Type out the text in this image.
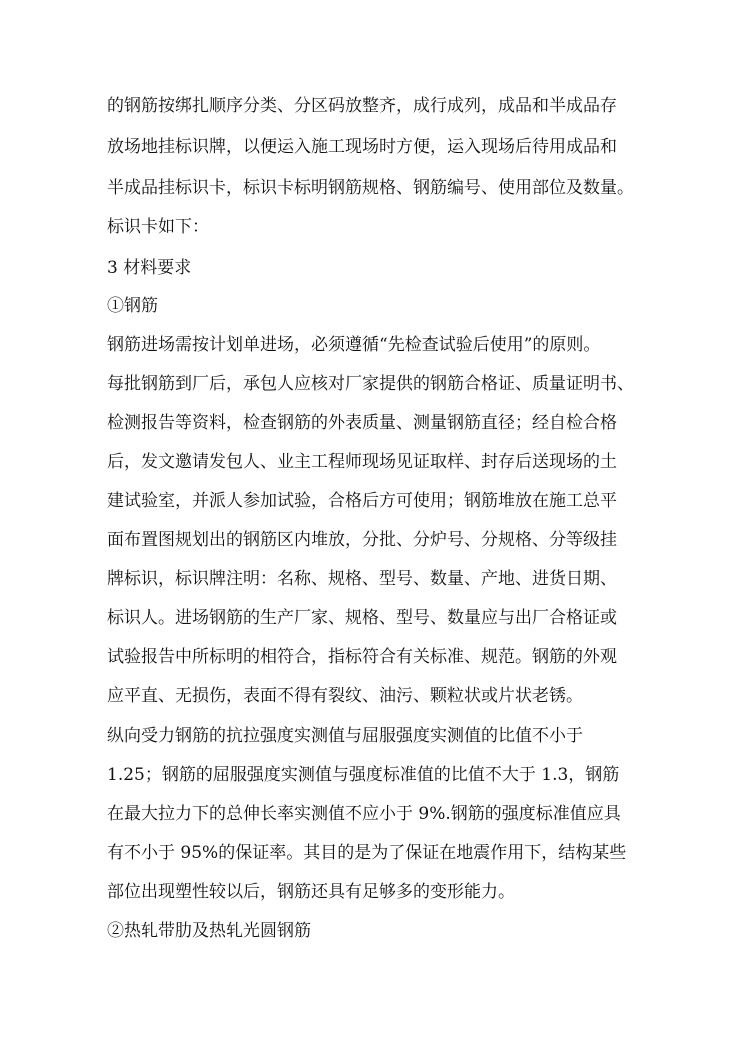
的钢筋按绑扎顺序分类、分区码放整齐，成行成列，成品和半成品存
放场地挂标识牌，以便运入施工现场时方便，运入现场后待用成品和
半成品挂标识卡，标识卡标明钢筋规格、钢筋编号、使用部位及数量。
标识卡如下：
3 材料要求
①钢筋
钢筋进场需按计划单进场，必须遵循“先检查试验后使用”的原则。
每批钢筋到厂后，承包人应核对厂家提供的钢筋合格证、质量证明书、
检测报告等资料，检查钢筋的外表质量、测量钢筋直径；经自检合格
后，发文邀请发包人、业主工程师现场见证取样、封存后送现场的土
建试验室，并派人参加试验，合格后方可使用；钢筋堆放在施工总平
面布置图规划出的钢筋区内堆放，分批、分炉号、分规格、分等级挂
牌标识，标识牌注明：名称、规格、型号、数量、产地、进货日期、
标识人。进场钢筋的生产厂家、规格、型号、数量应与出厂合格证或
试验报告中所标明的相符合，指标符合有关标准、规范。钢筋的外观
应平直、无损伤，表面不得有裂纹、油污、颗粒状或片状老锈。
纵向受力钢筋的抗拉强度实测值与屈服强度实测值的比值不小于
1.25；钢筋的屈服强度实测值与强度标准值的比值不大于 1.3，钢筋
在最大拉力下的总伸长率实测值不应小于 9%.钢筋的强度标准值应具
有不小于 95%的保证率。其目的是为了保证在地震作用下，结构某些
部位出现塑性较以后，钢筋还具有足够多的变形能力。
②热轧带肋及热轧光圆钢筋
